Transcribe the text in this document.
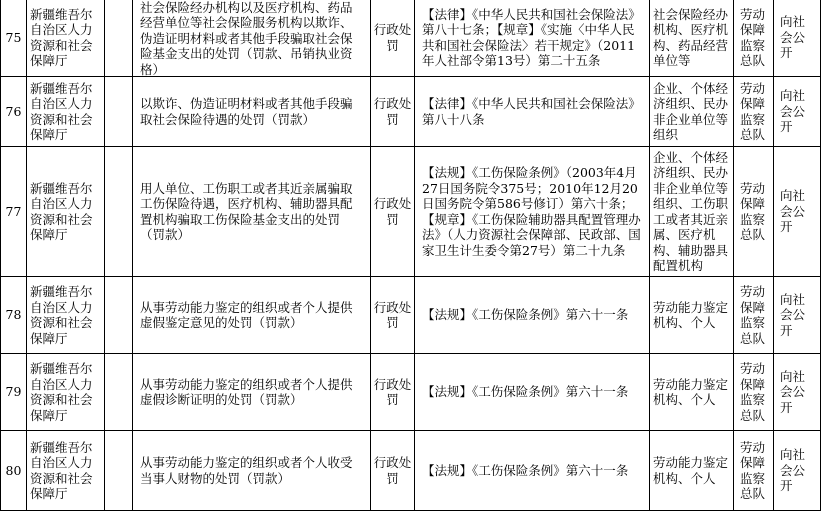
75	新疆维吾尔自治区人力资源和社会保障厅		社会保险经办机构以及医疗机构、药品经营单位等社会保险服务机构以欺诈、伪造证明材料或者其他手段骗取社会保险基金支出的处罚（罚款、吊销执业资格）	行政处罚	【法律】《中华人民共和国社会保险法》第八十七条；【规章】《实施〈中华人民共和国社会保险法〉若干规定》（2011年人社部令第13号）第二十五条	社会保险经办机构、医疗机构、药品经营单位等	劳动保障监察总队	向社会公开

76	新疆维吾尔自治区人力资源和社会保障厅		以欺诈、伪造证明材料或者其他手段骗取社会保险待遇的处罚（罚款）	行政处罚	【法律】《中华人民共和国社会保险法》第八十八条	企业、个体经济组织、民办非企业单位等组织	劳动保障监察总队	向社会公开

77	新疆维吾尔自治区人力资源和社会保障厅		用人单位、工伤职工或者其近亲属骗取工伤保险待遇，医疗机构、辅助器具配置机构骗取工伤保险基金支出的处罚（罚款）	行政处罚	【法规】《工伤保险条例》（2003年4月27日国务院令375号；2010年12月20日国务院令第586号修订）第六十条；【规章】《工伤保险辅助器具配置管理办法》（人力资源社会保障部、民政部、国家卫生计生委令第27号）第二十九条	企业、个体经济组织、民办非企业单位等组织、工伤职工或者其近亲属、医疗机构、辅助器具配置机构	劳动保障监察总队	向社会公开

78	新疆维吾尔自治区人力资源和社会保障厅		从事劳动能力鉴定的组织或者个人提供虚假鉴定意见的处罚（罚款）	行政处罚	【法规】《工伤保险条例》第六十一条	劳动能力鉴定机构、个人	劳动保障监察总队	向社会公开

79	新疆维吾尔自治区人力资源和社会保障厅		从事劳动能力鉴定的组织或者个人提供虚假诊断证明的处罚（罚款）	行政处罚	【法规】《工伤保险条例》第六十一条	劳动能力鉴定机构、个人	劳动保障监察总队	向社会公开

80	新疆维吾尔自治区人力资源和社会保障厅		从事劳动能力鉴定的组织或者个人收受当事人财物的处罚（罚款）	行政处罚	【法规】《工伤保险条例》第六十一条	劳动能力鉴定机构、个人	劳动保障监察总队	向社会公开
